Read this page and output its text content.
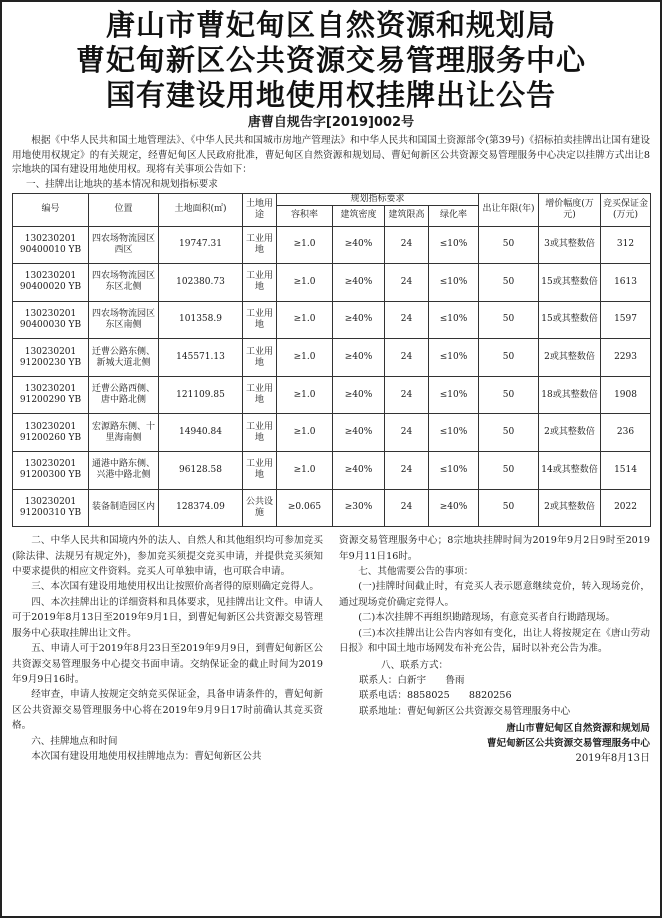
唐山市曹妃甸区自然资源和规划局
曹妃甸新区公共资源交易管理服务中心
国有建设用地使用权挂牌出让公告
唐曹自规告字[2019]002号

根据《中华人民共和国土地管理法》、《中华人民共和国城市房地产管理法》和中华人民共和国国土资源部令(第39号)《招标拍卖挂牌出让国有建设用地使用权规定》的有关规定，经曹妃甸区人民政府批准，曹妃甸区自然资源和规划局、曹妃甸新区公共资源交易管理服务中心决定以挂牌方式出让8宗地块的国有建设用地使用权。现将有关事项公告如下：

一、挂牌出让地块的基本情况和规划指标要求
编号	位置	土地面积(㎡)	土地用途	规划指标要求				出让年限(年)	增价幅度(万元)	竞买保证金(万元)
				容积率	建筑密度	建筑限高	绿化率			
130230201 90400010 YB	四农场物流园区西区	19747.31	工业用地	≥1.0	≥40%	24	≤10%	50	3或其整数倍	312
130230201 90400020 YB	四农场物流园区东区北侧	102380.73	工业用地	≥1.0	≥40%	24	≤10%	50	15或其整数倍	1613
130230201 90400030 YB	四农场物流园区东区南侧	101358.9	工业用地	≥1.0	≥40%	24	≤10%	50	15或其整数倍	1597
130230201 91200230 YB	迁曹公路东侧、新城大道北侧	145571.13	工业用地	≥1.0	≥40%	24	≤10%	50	2或其整数倍	2293
130230201 91200290 YB	迁曹公路西侧、唐中路北侧	121109.85	工业用地	≥1.0	≥40%	24	≤10%	50	18或其整数倍	1908
130230201 91200260 YB	宏源路东侧、十里海南侧	14940.84	工业用地	≥1.0	≥40%	24	≤10%	50	2或其整数倍	236
130230201 91200300 YB	通港中路东侧、兴港中路北侧	96128.58	工业用地	≥1.0	≥40%	24	≤10%	50	14或其整数倍	1514
130230201 91200310 YB	装备制造园区内	128374.09	公共设施	≥0.065	≥30%	24	≥40%	50	2或其整数倍	2022

二、中华人民共和国境内外的法人、自然人和其他组织均可参加竞买(除法律、法规另有规定外)，参加竞买须提交竞买申请，并提供竞买须知中要求提供的相应文件资料。竞买人可单独申请，也可联合申请。

三、本次国有建设用地使用权出让按照价高者得的原则确定竞得人。

四、本次挂牌出让的详细资料和具体要求，见挂牌出让文件。申请人可于2019年8月13日至2019年9月1日，到曹妃甸新区公共资源交易管理服务中心获取挂牌出让文件。

五、申请人可于2019年8月23日至2019年9月9日，到曹妃甸新区公共资源交易管理服务中心提交书面申请。交纳保证金的截止时间为2019年9月9日16时。

经审查，申请人按规定交纳竞买保证金，具备申请条件的，曹妃甸新区公共资源交易管理服务中心将在2019年9月9日17时前确认其竞买资格。

六、挂牌地点和时间

本次国有建设用地使用权挂牌地点为：曹妃甸新区公共

资源交易管理服务中心；8宗地块挂牌时间为2019年9月2日9时至2019年9月11日16时。

七、其他需要公告的事项：

(一)挂牌时间截止时，有竞买人表示愿意继续竞价，转入现场竞价，通过现场竞价确定竞得人。

(二)本次挂牌不再组织勘踏现场，有意竞买者自行勘踏现场。

(三)本次挂牌出让公告内容如有变化，出让人将按规定在《唐山劳动日报》和中国土地市场网发布补充公告，届时以补充公告为准。

八、联系方式：

联系人：白新宇　　鲁雨

联系电话：8858025　　8820256

联系地址：曹妃甸新区公共资源交易管理服务中心

唐山市曹妃甸区自然资源和规划局
曹妃甸新区公共资源交易管理服务中心
2019年8月13日
